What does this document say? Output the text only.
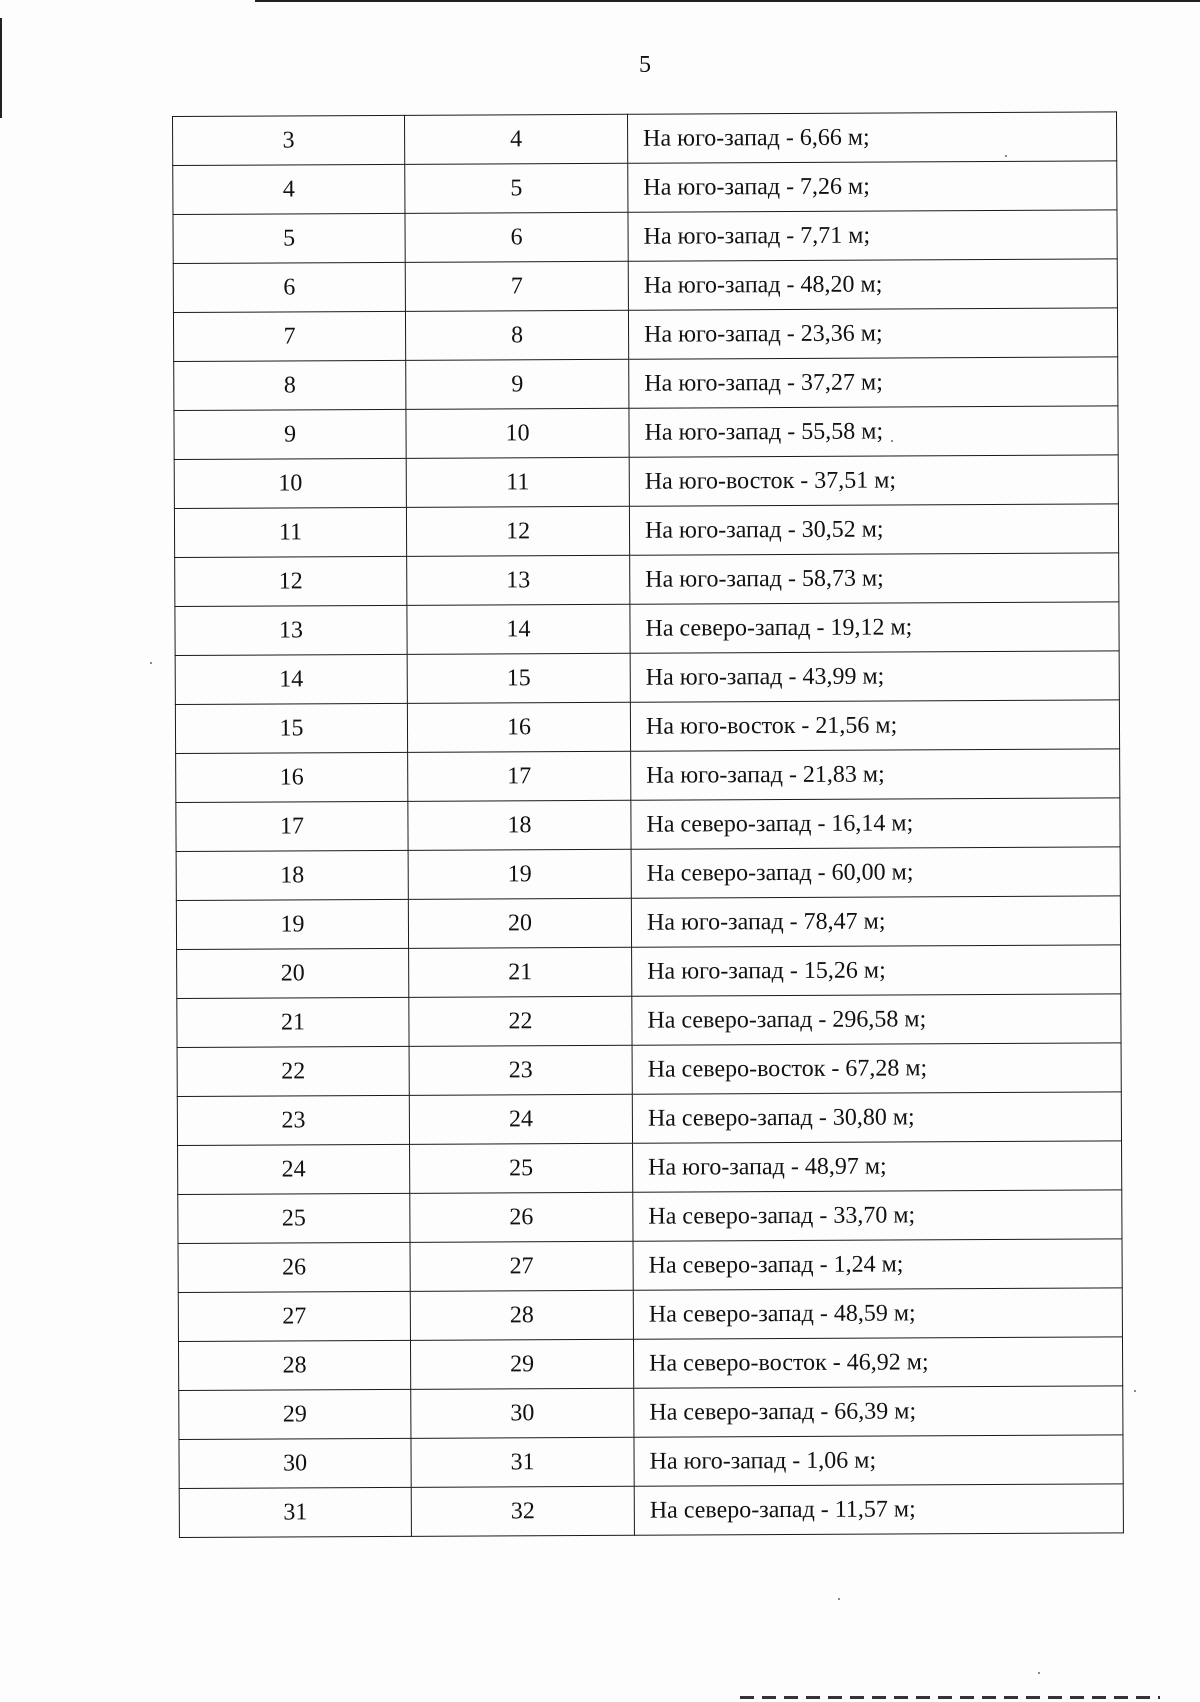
5
3	4	На юго-запад - 6,66 м;
4	5	На юго-запад - 7,26 м;
5	6	На юго-запад - 7,71 м;
6	7	На юго-запад - 48,20 м;
7	8	На юго-запад - 23,36 м;
8	9	На юго-запад - 37,27 м;
9	10	На юго-запад - 55,58 м;
10	11	На юго-восток - 37,51 м;
11	12	На юго-запад - 30,52 м;
12	13	На юго-запад - 58,73 м;
13	14	На северо-запад - 19,12 м;
14	15	На юго-запад - 43,99 м;
15	16	На юго-восток - 21,56 м;
16	17	На юго-запад - 21,83 м;
17	18	На северо-запад - 16,14 м;
18	19	На северо-запад - 60,00 м;
19	20	На юго-запад - 78,47 м;
20	21	На юго-запад - 15,26 м;
21	22	На северо-запад - 296,58 м;
22	23	На северо-восток - 67,28 м;
23	24	На северо-запад - 30,80 м;
24	25	На юго-запад - 48,97 м;
25	26	На северо-запад - 33,70 м;
26	27	На северо-запад - 1,24 м;
27	28	На северо-запад - 48,59 м;
28	29	На северо-восток - 46,92 м;
29	30	На северо-запад - 66,39 м;
30	31	На юго-запад - 1,06 м;
31	32	На северо-запад - 11,57 м;
